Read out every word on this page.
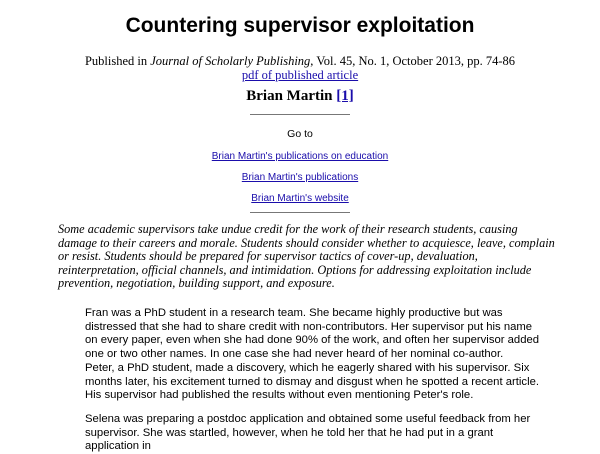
Countering supervisor exploitation
Published in Journal of Scholarly Publishing, Vol. 45, No. 1, October 2013, pp. 74-86
pdf of published article
Brian Martin [1]
Go to
Brian Martin's publications on education
Brian Martin's publications
Brian Martin's website

Some academic supervisors take undue credit for the work of their research students, causing damage to their careers and morale. Students should consider whether to acquiesce, leave, complain or resist. Students should be prepared for supervisor tactics of cover-up, devaluation, reinterpretation, official channels, and intimidation. Options for addressing exploitation include prevention, negotiation, building support, and exposure.

Fran was a PhD student in a research team. She became highly productive but was distressed that she had to share credit with non-contributors. Her supervisor put his name on every paper, even when she had done 90% of the work, and often her supervisor added one or two other names. In one case she had never heard of her nominal co-author.

Peter, a PhD student, made a discovery, which he eagerly shared with his supervisor. Six months later, his excitement turned to dismay and disgust when he spotted a recent article. His supervisor had published the results without even mentioning Peter's role.

Selena was preparing a postdoc application and obtained some useful feedback from her supervisor. She was startled, however, when he told her that he had put in a grant application in
